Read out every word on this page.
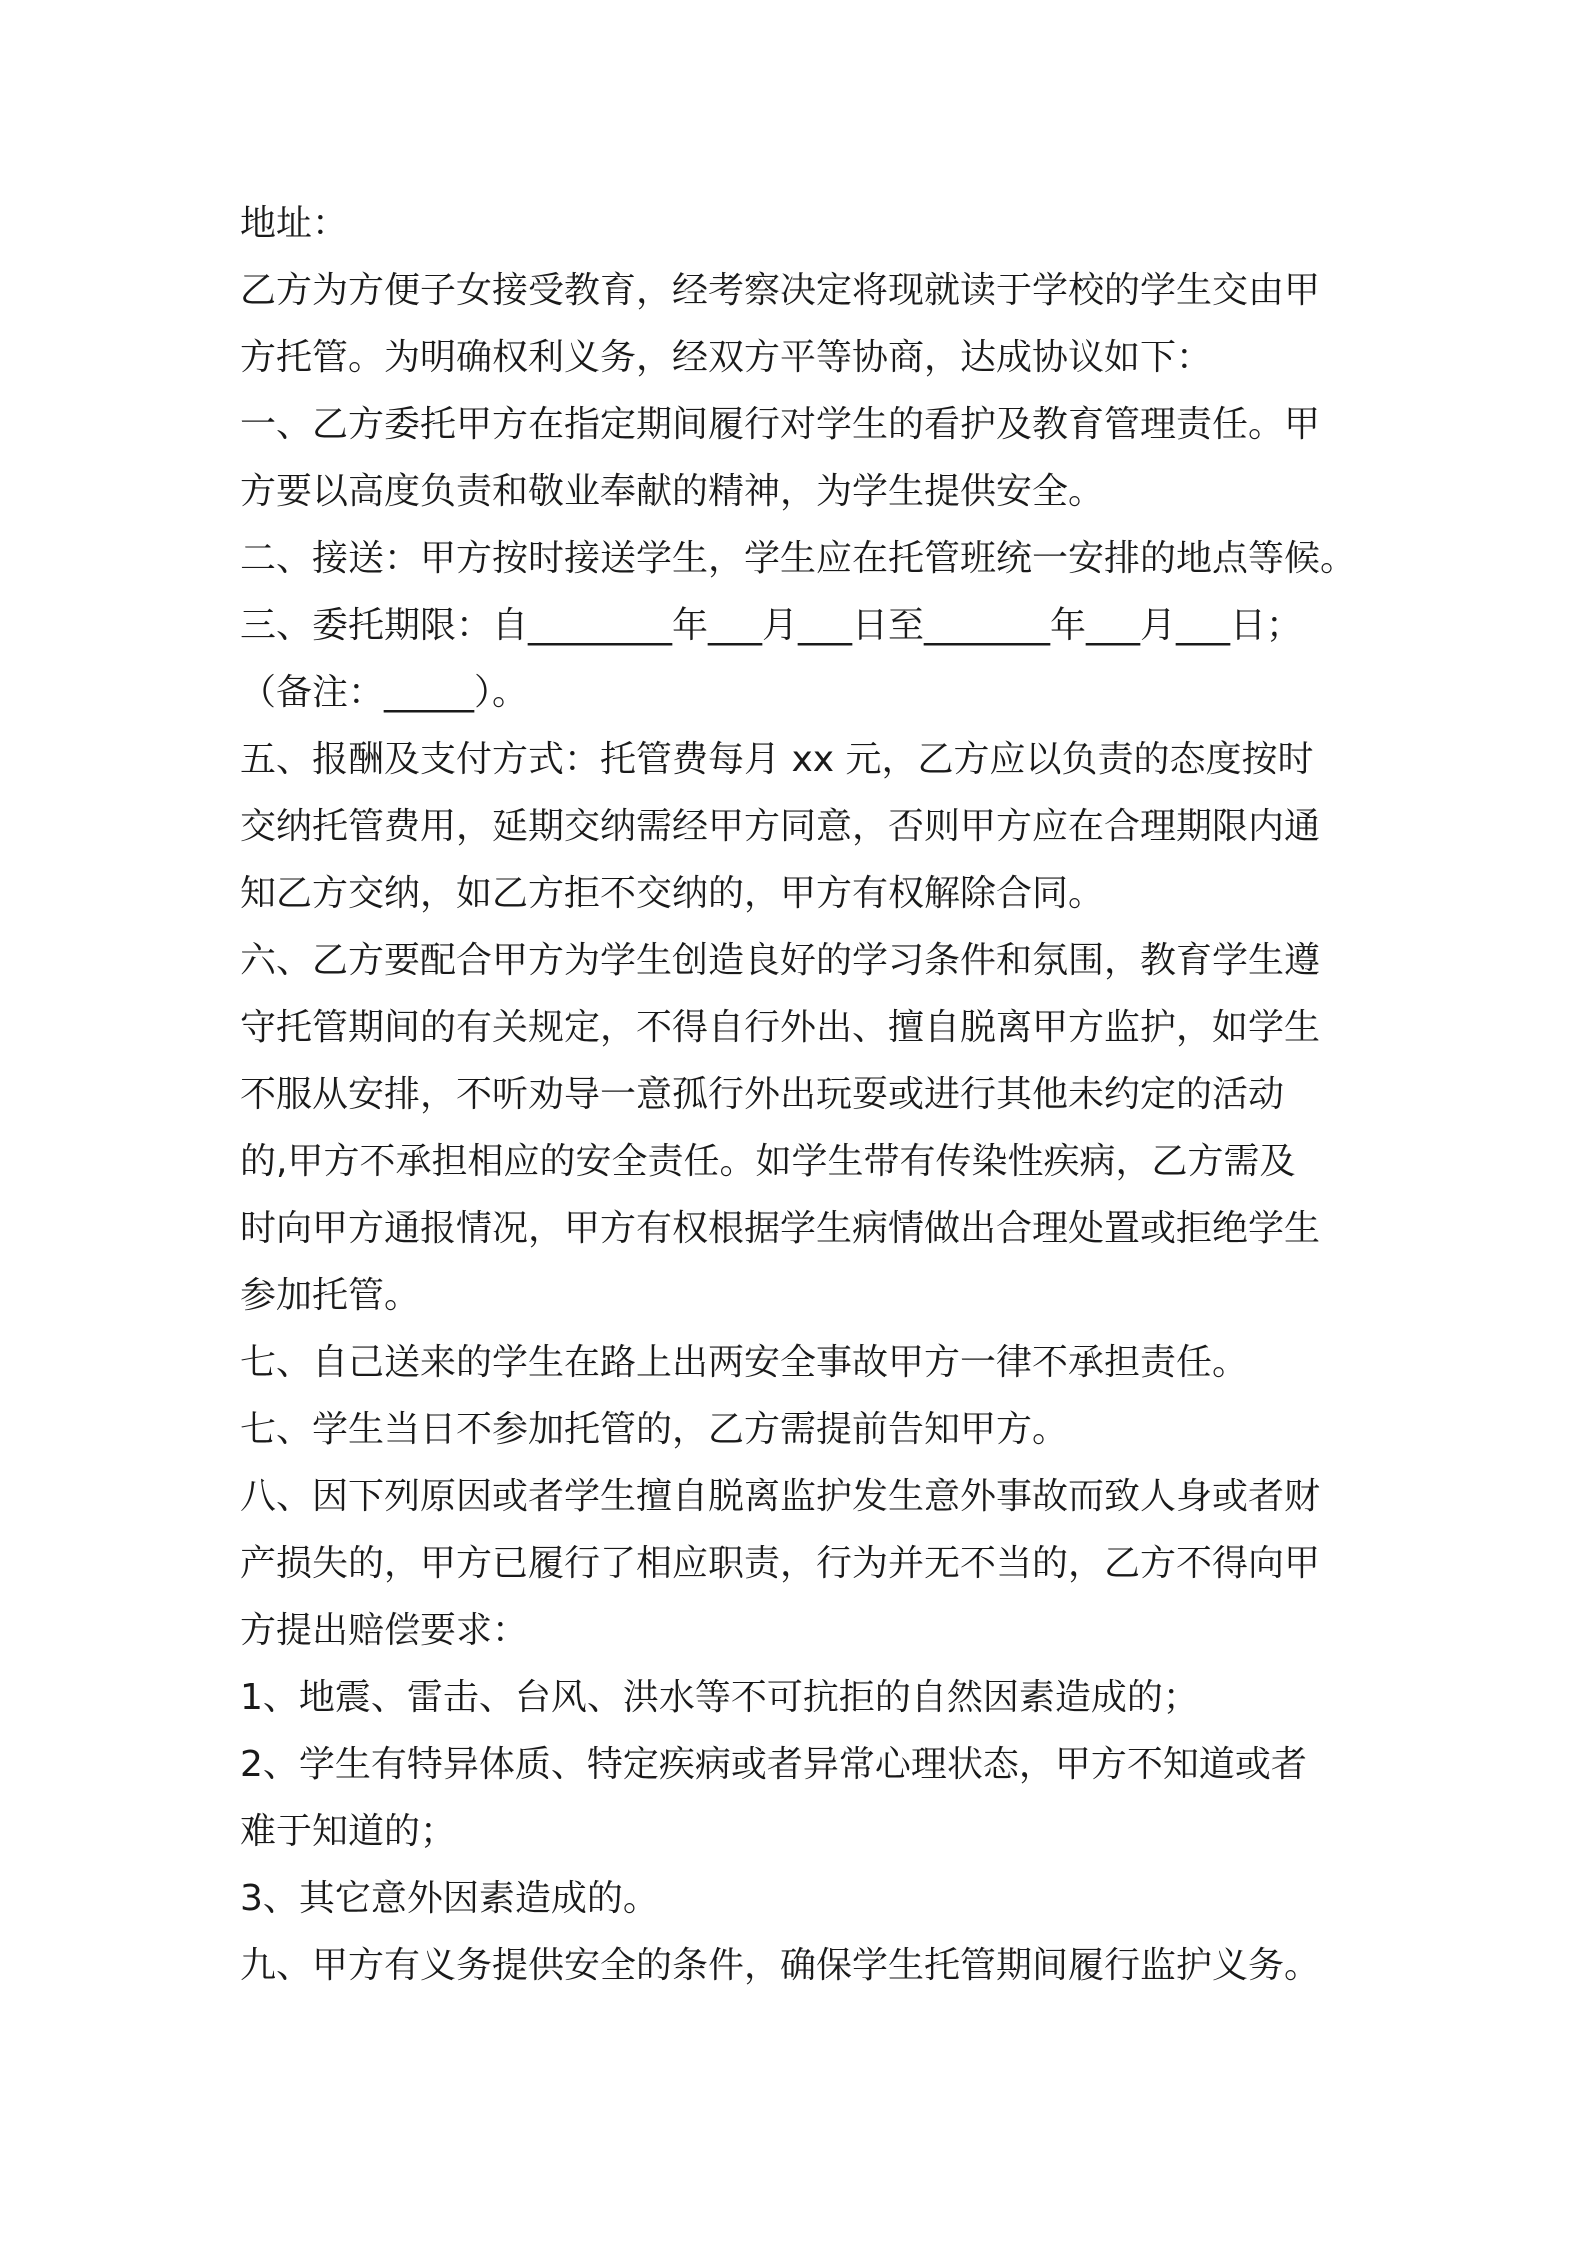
地址：
乙方为方便子女接受教育，经考察决定将现就读于学校的学生交由甲
方托管。为明确权利义务，经双方平等协商，达成协议如下：
一、乙方委托甲方在指定期间履行对学生的看护及教育管理责任。甲
方要以高度负责和敬业奉献的精神，为学生提供安全。
二、接送：甲方按时接送学生，学生应在托管班统一安排的地点等候。
三、委托期限：自________年___月___日至_______年___月___日；
（备注：_____）。
五、报酬及支付方式：托管费每月 xx 元，乙方应以负责的态度按时
交纳托管费用，延期交纳需经甲方同意，否则甲方应在合理期限内通
知乙方交纳，如乙方拒不交纳的，甲方有权解除合同。
六、乙方要配合甲方为学生创造良好的学习条件和氛围，教育学生遵
守托管期间的有关规定，不得自行外出、擅自脱离甲方监护，如学生
不服从安排，不听劝导一意孤行外出玩耍或进行其他未约定的活动
的,甲方不承担相应的安全责任。如学生带有传染性疾病，乙方需及
时向甲方通报情况，甲方有权根据学生病情做出合理处置或拒绝学生
参加托管。
七、自己送来的学生在路上出两安全事故甲方一律不承担责任。
七、学生当日不参加托管的，乙方需提前告知甲方。
八、因下列原因或者学生擅自脱离监护发生意外事故而致人身或者财
产损失的，甲方已履行了相应职责，行为并无不当的，乙方不得向甲
方提出赔偿要求：
1、地震、雷击、台风、洪水等不可抗拒的自然因素造成的；
2、学生有特异体质、特定疾病或者异常心理状态，甲方不知道或者
难于知道的；
3、其它意外因素造成的。
九、甲方有义务提供安全的条件，确保学生托管期间履行监护义务。
